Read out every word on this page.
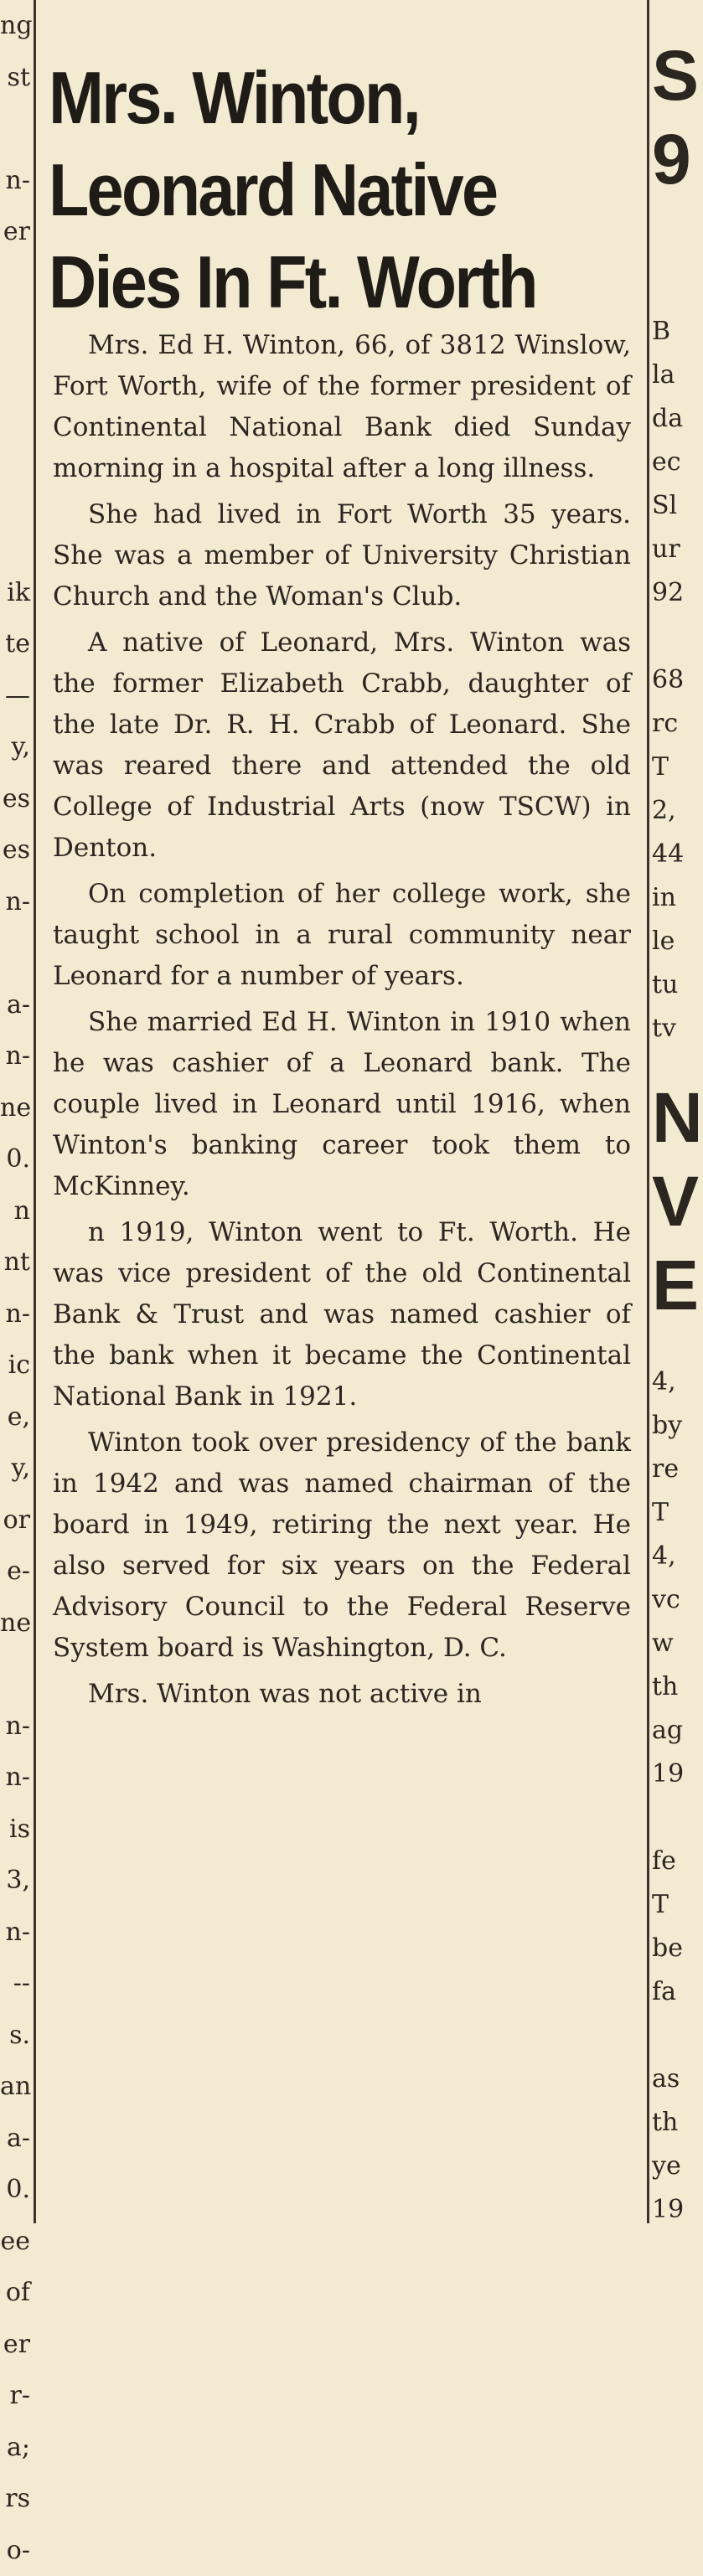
ng
st
n-
er
ik
te
—
y,
es
es
n-
a-
n-
ne
0.
n
nt
n-
ic
e,
y,
or
e-
ne
n-
n-
is
3,
n-
--
s.
an
a-
0.
ee
of
er
r-
a;
rs
o-
Mrs. Winton,
Leonard Native
Dies In Ft. Worth

Mrs. Ed H. Winton, 66, of 3812 Winslow, Fort Worth, wife of the former president of Continental National Bank died Sunday morning in a hospital after a long illness.

She had lived in Fort Worth 35 years. She was a member of University Christian Church and the Woman's Club.

A native of Leonard, Mrs. Winton was the former Elizabeth Crabb, daughter of the late Dr. R. H. Crabb of Leonard. She was reared there and attended the old College of Industrial Arts (now TSCW) in Denton.

On completion of her college work, she taught school in a rural community near Leonard for a number of years.

She married Ed H. Winton in 1910 when he was cashier of a Leonard bank. The couple lived in Leonard until 1916, when Winton's banking career took them to McKinney.

n 1919, Winton went to Ft. Worth. He was vice president of the old Continental Bank & Trust and was named cashier of the bank when it became the Continental National Bank in 1921.

Winton took over presidency of the bank in 1942 and was named chairman of the board in 1949, retiring the next year. He also served for six years on the Federal Advisory Council to the Federal Reserve System board is Washington, D. C.

Mrs. Winton was not active in

S
9
B
la
da
ec
Sl
ur
92

68
rc
T
2,
44
in
le
tu
tv
N
V
E
4,
by
re
T
4,
vc
w
th
ag
19

fe
T
be
fa

as
th
ye
19
